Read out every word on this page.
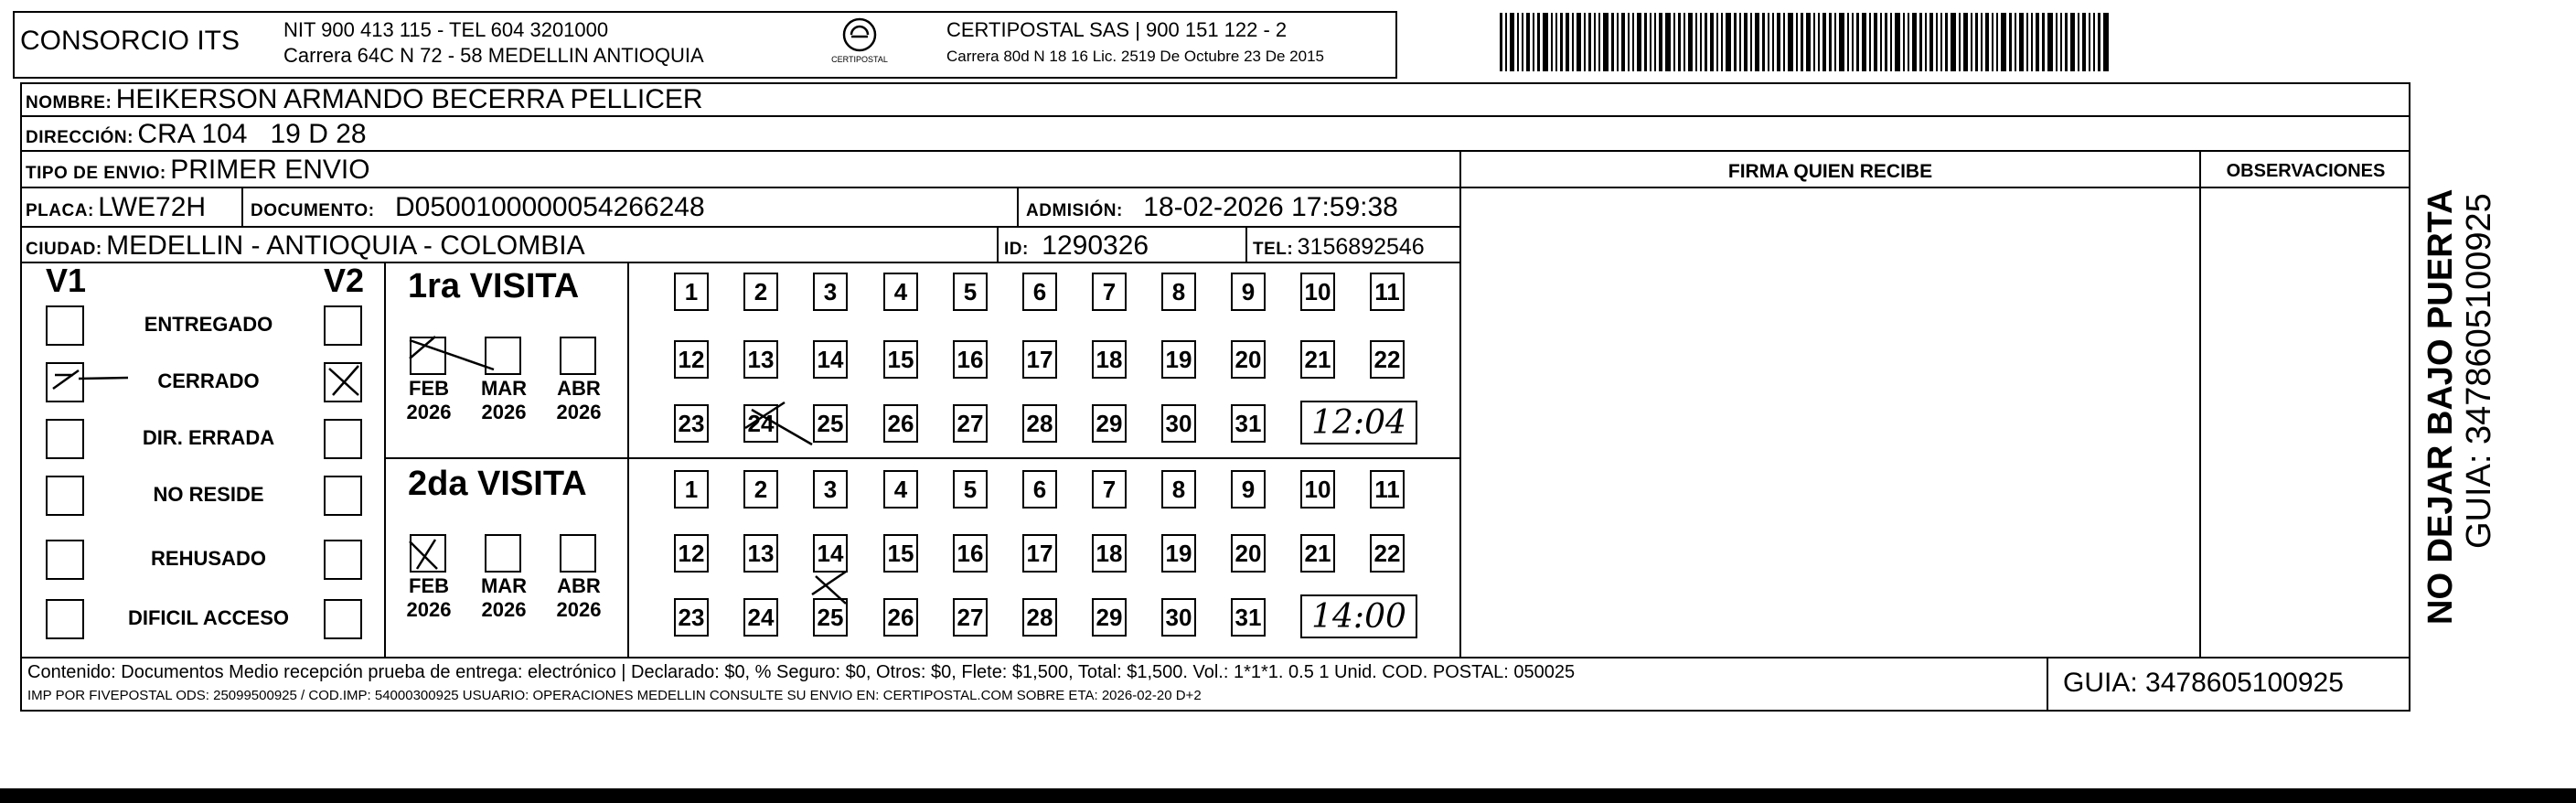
CONSORCIO ITS NIT 900 413 115 - TEL 604 3201000
Carrera 64C N 72 - 58 MEDELLIN ANTIOQUIA	CERTIPOSTAL
CERTIPOSTAL SAS | 900 151 122 - 2
Carrera 80d N 18 16 Lic. 2519 De Octubre 23 De 2015
NOMBRE: HEIKERSON ARMANDO BECERRA PELLICER
DIRECCIÓN: CRA 104   19 D 28
TIPO DE ENVIO: PRIMER ENVIO	FIRMA QUIEN RECIBE	OBSERVACIONES
PLACA: LWE72H	DOCUMENTO: D0500100000054266248	ADMISIÓN: 18-02-2026 17:59:38
CIUDAD: MEDELLIN - ANTIOQUIA - COLOMBIA	ID: 1290326	TEL: 3156892546
V1	V2
ENTREGADO
CERRADO
DIR. ERRADA
NO RESIDE
REHUSADO
DIFICIL ACCESO
1ra VISITA
2da VISITA
FEB
2026
MAR
2026
ABR
2026
FEB
2026
MAR
2026
ABR
2026
1	2	3	4	5	6	7	8	9	10 11
12 13 14 15 16 17 18 19 20 21 22
23 24 25 26 27 28 29 30 31	12:04
1	2	3	4	5	6	7	8	9	10 11
12 13 14 15 16 17 18 19 20 21 22
23 24 25 26 27 28 29 30 31	14:00
Contenido: Documentos Medio recepción prueba de entrega: electrónico | Declarado: $0, % Seguro: $0, Otros: $0, Flete: $1,500, Total: $1,500. Vol.: 1*1*1. 0.5 1 Unid. COD. POSTAL: 050025
IMP POR FIVEPOSTAL ODS: 25099500925 / COD.IMP: 54000300925 USUARIO: OPERACIONES MEDELLIN CONSULTE SU ENVIO EN: CERTIPOSTAL.COM SOBRE ETA: 2026-02-20 D+2	GUIA: 3478605100925
NO DEJAR BAJO PUERTA GUIA: 3478605100925
